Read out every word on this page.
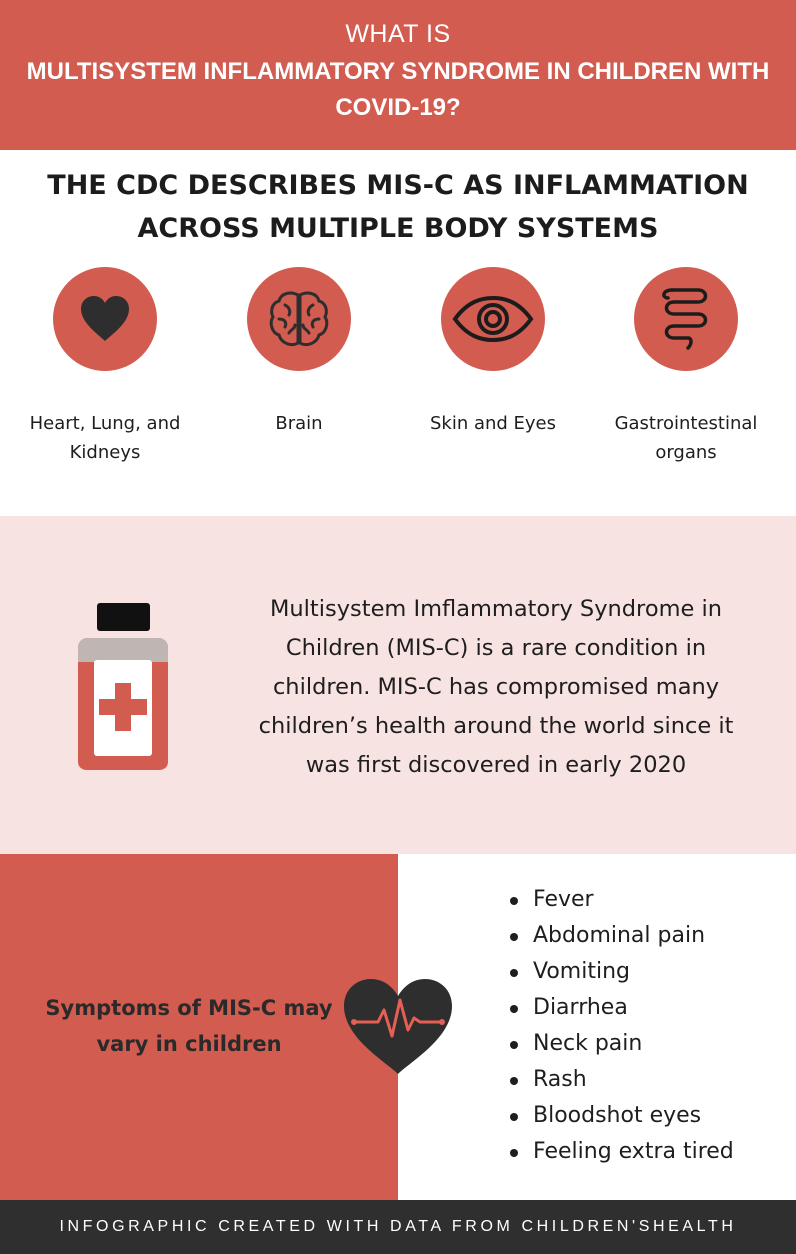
WHAT IS
MULTISYSTEM INFLAMMATORY SYNDROME IN CHILDREN WITH COVID-19?
THE CDC DESCRIBES MIS-C AS INFLAMMATION ACROSS MULTIPLE BODY SYSTEMS
Heart, Lung, and Kidneys
Brain	Skin and Eyes	Gastrointestinal organs
Multisystem Imflammatory Syndrome in Children (MIS-C) is a rare condition in children. MIS-C has compromised many children’s health around the world since it was first discovered in early 2020
Symptoms of MIS-C may vary in children
Fever
Abdominal pain
Vomiting
Diarrhea
Neck pain
Rash
Bloodshot eyes
Feeling extra tired
INFOGRAPHIC CREATED WITH DATA FROM CHILDREN'SHEALTH
